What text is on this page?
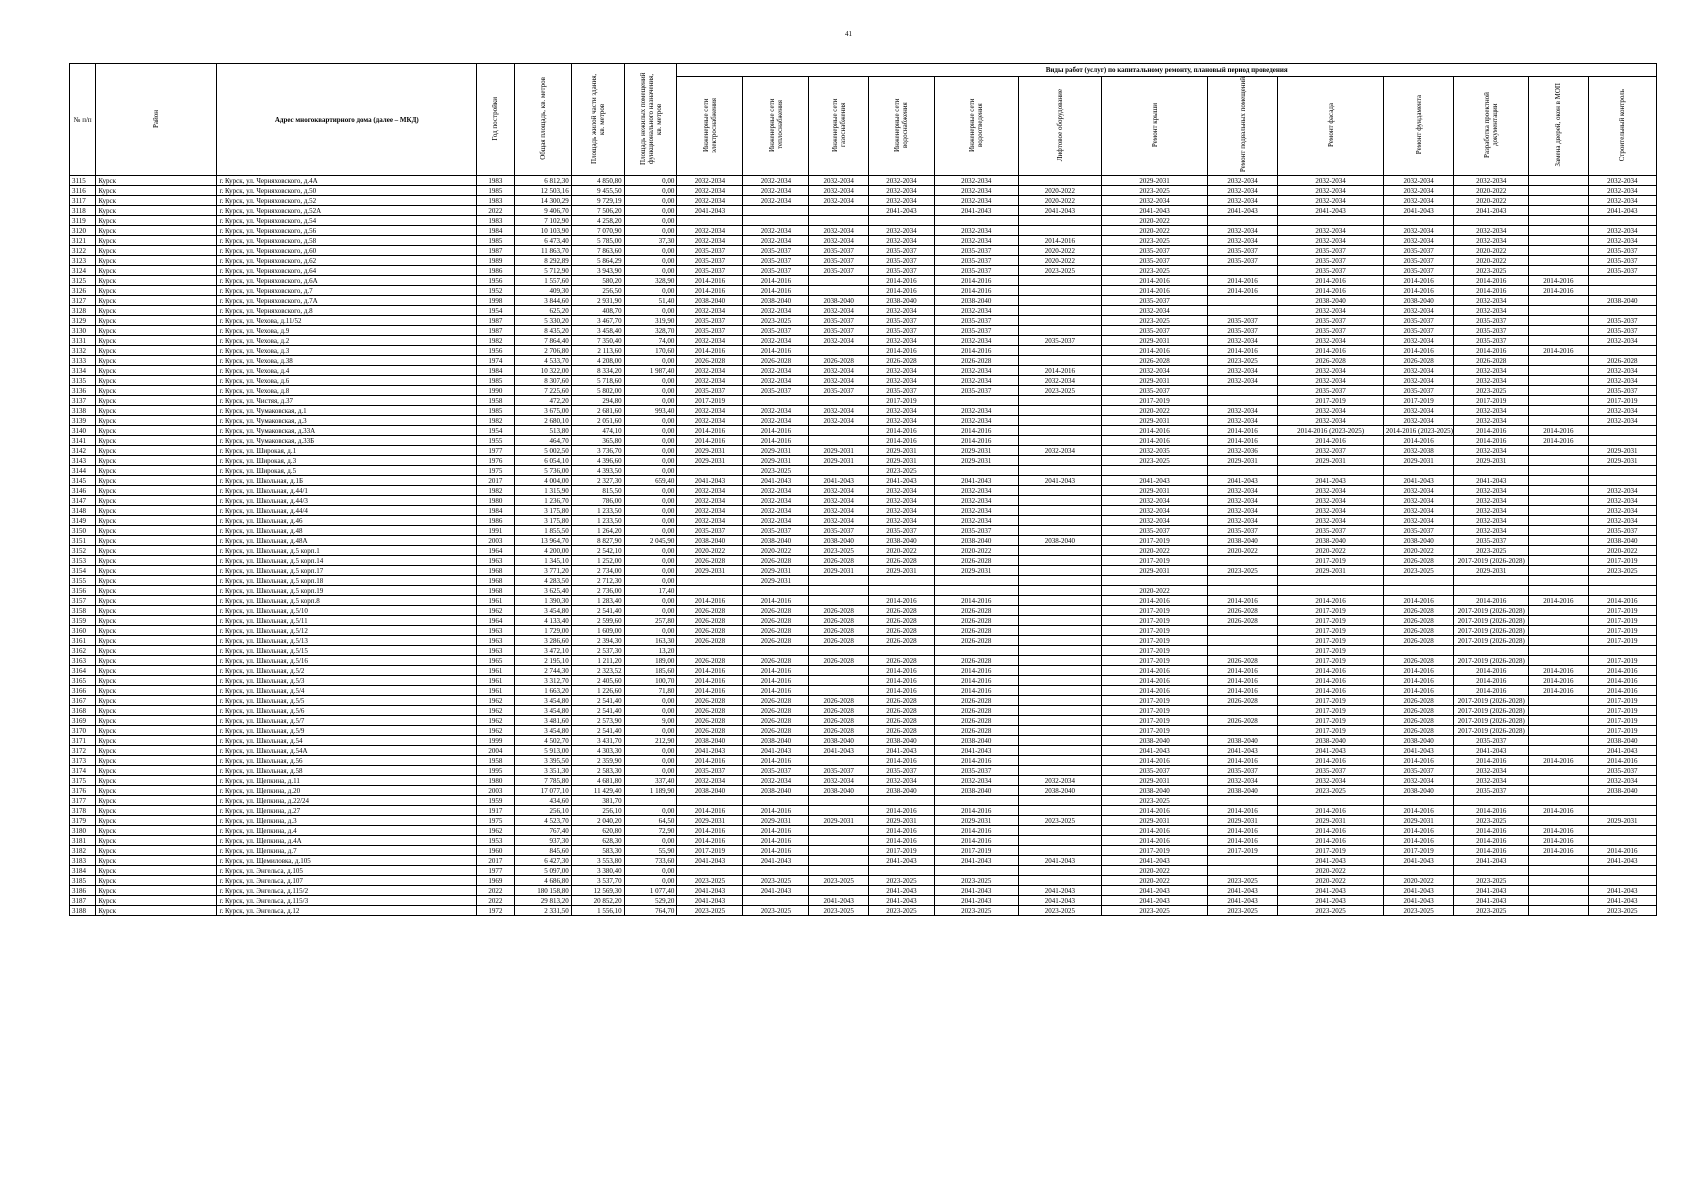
41
№ п/п	Район	Адрес многоквартирного дома (далее – МКД)	Год постройки	Общая площадь, кв. метров	Площадь жилой части здания, кв. метров	Площадь нежилых помещений функционального назначения, кв. метров	Виды работ (услуг) по капитальному ремонту, плановый период проведения												
							Инженерные сети электроснабжения	Инженерные сети теплоснабжения	Инженерные сети газоснабжения	Инженерные сети водоснабжения	Инженерные сети водоотведения	Лифтовое оборудование	Ремонт крыши	Ремонт подвальных помещений	Ремонт фасада	Ремонт фундамента	Разработка проектной документации	Замена дверей, окон в МОП	Строительный контроль
3115	Курск	г. Курск, ул. Черняховского, д.4А	1983	6 812,30	4 850,80	0,00	2032-2034	2032-2034	2032-2034	2032-2034	2032-2034		2029-2031	2032-2034	2032-2034	2032-2034	2032-2034		2032-2034
3116	Курск	г. Курск, ул. Черняховского, д.50	1985	12 503,16	9 455,50	0,00	2032-2034	2032-2034	2032-2034	2032-2034	2032-2034	2020-2022	2023-2025	2032-2034	2032-2034	2032-2034	2020-2022		2032-2034
3117	Курск	г. Курск, ул. Черняховского, д.52	1983	14 300,29	9 729,19	0,00	2032-2034	2032-2034	2032-2034	2032-2034	2032-2034	2020-2022	2032-2034	2032-2034	2032-2034	2032-2034	2020-2022		2032-2034
3118	Курск	г. Курск, ул. Черняховского, д.52А	2022	9 406,70	7 506,20	0,00	2041-2043			2041-2043	2041-2043	2041-2043	2041-2043	2041-2043	2041-2043	2041-2043	2041-2043		2041-2043
3119	Курск	г. Курск, ул. Черняховского, д.54	1983	7 102,90	4 258,20	0,00							2020-2022						
3120	Курск	г. Курск, ул. Черняховского, д.56	1984	10 103,90	7 070,90	0,00	2032-2034	2032-2034	2032-2034	2032-2034	2032-2034		2020-2022	2032-2034	2032-2034	2032-2034	2032-2034		2032-2034
3121	Курск	г. Курск, ул. Черняховского, д.58	1985	6 473,40	5 785,00	37,30	2032-2034	2032-2034	2032-2034	2032-2034	2032-2034	2014-2016	2023-2025	2032-2034	2032-2034	2032-2034	2032-2034		2032-2034
3122	Курск	г. Курск, ул. Черняховского, д.60	1987	11 863,70	7 863,60	0,00	2035-2037	2035-2037	2035-2037	2035-2037	2035-2037	2020-2022	2035-2037	2035-2037	2035-2037	2035-2037	2020-2022		2035-2037
3123	Курск	г. Курск, ул. Черняховского, д.62	1989	8 292,89	5 864,29	0,00	2035-2037	2035-2037	2035-2037	2035-2037	2035-2037	2020-2022	2035-2037	2035-2037	2035-2037	2035-2037	2020-2022		2035-2037
3124	Курск	г. Курск, ул. Черняховского, д.64	1986	5 712,90	3 943,90	0,00	2035-2037	2035-2037	2035-2037	2035-2037	2035-2037	2023-2025	2023-2025		2035-2037	2035-2037	2023-2025		2035-2037
3125	Курск	г. Курск, ул. Черняховского, д.6А	1956	1 557,60	580,20	328,90	2014-2016	2014-2016		2014-2016	2014-2016		2014-2016	2014-2016	2014-2016	2014-2016	2014-2016	2014-2016	
3126	Курск	г. Курск, ул. Черняховского, д.7	1952	409,30	256,50	0,00	2014-2016	2014-2016		2014-2016	2014-2016		2014-2016	2014-2016	2014-2016	2014-2016	2014-2016	2014-2016	
3127	Курск	г. Курск, ул. Черняховского, д.7А	1998	3 844,60	2 931,90	51,40	2038-2040	2038-2040	2038-2040	2038-2040	2038-2040		2035-2037		2038-2040	2038-2040	2032-2034		2038-2040
3128	Курск	г. Курск, ул. Черняховского, д.8	1954	625,20	408,70	0,00	2032-2034	2032-2034	2032-2034	2032-2034	2032-2034		2032-2034		2032-2034	2032-2034	2032-2034		
3129	Курск	г. Курск, ул. Чехова, д.11/52	1987	5 330,20	3 467,70	319,90	2035-2037	2023-2025	2035-2037	2035-2037	2035-2037		2023-2025	2035-2037	2035-2037	2035-2037	2035-2037		2035-2037
3130	Курск	г. Курск, ул. Чехова, д.9	1987	8 435,20	3 458,40	328,70	2035-2037	2035-2037	2035-2037	2035-2037	2035-2037		2035-2037	2035-2037	2035-2037	2035-2037	2035-2037		2035-2037
3131	Курск	г. Курск, ул. Чехова, д.2	1982	7 864,40	7 350,40	74,00	2032-2034	2032-2034	2032-2034	2032-2034	2032-2034	2035-2037	2029-2031	2032-2034	2032-2034	2032-2034	2035-2037		2032-2034
3132	Курск	г. Курск, ул. Чехова, д.3	1956	2 706,80	2 113,60	170,60	2014-2016	2014-2016		2014-2016	2014-2016		2014-2016	2014-2016	2014-2016	2014-2016	2014-2016	2014-2016	
3133	Курск	г. Курск, ул. Чехова, д.38	1974	4 533,70	4 208,00	0,00	2026-2028	2026-2028	2026-2028	2026-2028	2026-2028		2026-2028	2023-2025	2026-2028	2026-2028	2026-2028		2026-2028
3134	Курск	г. Курск, ул. Чехова, д.4	1984	10 322,00	8 334,20	1 987,40	2032-2034	2032-2034	2032-2034	2032-2034	2032-2034	2014-2016	2032-2034	2032-2034	2032-2034	2032-2034	2032-2034		2032-2034
3135	Курск	г. Курск, ул. Чехова, д.6	1985	8 307,60	5 718,60	0,00	2032-2034	2032-2034	2032-2034	2032-2034	2032-2034	2032-2034	2029-2031	2032-2034	2032-2034	2032-2034	2032-2034		2032-2034
3136	Курск	г. Курск, ул. Чехова, д.8	1990	7 225,60	5 802,00	0,00	2035-2037	2035-2037	2035-2037	2035-2037	2035-2037	2023-2025	2035-2037		2035-2037	2035-2037	2023-2025		2035-2037
3137	Курск	г. Курск, ул. Чистяя, д.37	1958	472,20	294,80	0,00	2017-2019			2017-2019			2017-2019		2017-2019	2017-2019	2017-2019		2017-2019
3138	Курск	г. Курск, ул. Чумаковская, д.1	1985	3 675,00	2 681,60	993,40	2032-2034	2032-2034	2032-2034	2032-2034	2032-2034		2020-2022	2032-2034	2032-2034	2032-2034	2032-2034		2032-2034
3139	Курск	г. Курск, ул. Чумаковская, д.3	1982	2 680,10	2 051,60	0,00	2032-2034	2032-2034	2032-2034	2032-2034	2032-2034		2029-2031	2032-2034	2032-2034	2032-2034	2032-2034		2032-2034
3140	Курск	г. Курск, ул. Чумаковская, д.33А	1954	513,80	474,10	0,00	2014-2016	2014-2016		2014-2016	2014-2016		2014-2016	2014-2016	2014-2016 (2023-2025)	2014-2016 (2023-2025)	2014-2016	2014-2016	
3141	Курск	г. Курск, ул. Чумаковская, д.33Б	1955	464,70	365,80	0,00	2014-2016	2014-2016		2014-2016	2014-2016		2014-2016	2014-2016	2014-2016	2014-2016	2014-2016	2014-2016	
3142	Курск	г. Курск, ул. Широкая, д.1	1977	5 002,50	3 736,70	0,00	2029-2031	2029-2031	2029-2031	2029-2031	2029-2031	2032-2034	2032-2035	2032-2036	2032-2037	2032-2038	2032-2034		2029-2031
3143	Курск	г. Курск, ул. Широкая, д.3	1976	6 054,10	4 396,60	0,00	2029-2031	2029-2031	2029-2031	2029-2031	2029-2031		2023-2025	2029-2031	2029-2031	2029-2031	2029-2031		2029-2031
3144	Курск	г. Курск, ул. Широкая, д.5	1975	5 736,00	4 393,50	0,00		2023-2025		2023-2025									
3145	Курск	г. Курск, ул. Школьная, д.1Б	2017	4 004,00	2 327,30	659,40	2041-2043	2041-2043	2041-2043	2041-2043	2041-2043	2041-2043	2041-2043	2041-2043	2041-2043	2041-2043	2041-2043		
3146	Курск	г. Курск, ул. Школьная, д.44/1	1982	1 315,90	815,50	0,00	2032-2034	2032-2034	2032-2034	2032-2034	2032-2034		2029-2031	2032-2034	2032-2034	2032-2034	2032-2034		2032-2034
3147	Курск	г. Курск, ул. Школьная, д.44/3	1980	1 236,70	786,00	0,00	2032-2034	2032-2034	2032-2034	2032-2034	2032-2034		2032-2034	2032-2034	2032-2034	2032-2034	2032-2034		2032-2034
3148	Курск	г. Курск, ул. Школьная, д.44/4	1984	3 175,80	1 233,50	0,00	2032-2034	2032-2034	2032-2034	2032-2034	2032-2034		2032-2034	2032-2034	2032-2034	2032-2034	2032-2034		2032-2034
3149	Курск	г. Курск, ул. Школьная, д.46	1986	3 175,80	1 233,50	0,00	2032-2034	2032-2034	2032-2034	2032-2034	2032-2034		2032-2034	2032-2034	2032-2034	2032-2034	2032-2034		2032-2034
3150	Курск	г. Курск, ул. Школьная, д.48	1991	1 855,50	1 264,20	0,00	2035-2037	2035-2037	2035-2037	2035-2037	2035-2037		2035-2037	2035-2037	2035-2037	2035-2037	2032-2034		2035-2037
3151	Курск	г. Курск, ул. Школьная, д.48А	2003	13 964,70	8 827,90	2 045,90	2038-2040	2038-2040	2038-2040	2038-2040	2038-2040	2038-2040	2017-2019	2038-2040	2038-2040	2038-2040	2035-2037		2038-2040
3152	Курск	г. Курск, ул. Школьная, д.5 корп.1	1964	4 200,00	2 542,10	0,00	2020-2022	2020-2022	2023-2025	2020-2022	2020-2022		2020-2022	2020-2022	2020-2022	2020-2022	2023-2025		2020-2022
3153	Курск	г. Курск, ул. Школьная, д.5 корп.14	1963	1 345,10	1 252,00	0,00	2026-2028	2026-2028	2026-2028	2026-2028	2026-2028		2017-2019		2017-2019	2026-2028	2017-2019 (2026-2028)		2017-2019
3154	Курск	г. Курск, ул. Школьная, д.5 корп.17	1968	3 771,20	2 734,00	0,00	2029-2031	2029-2031	2029-2031	2029-2031	2029-2031		2029-2031	2023-2025	2029-2031	2023-2025	2029-2031		2023-2025
3155	Курск	г. Курск, ул. Школьная, д.5 корп.18	1968	4 283,50	2 712,30	0,00		2029-2031											
3156	Курск	г. Курск, ул. Школьная, д.5 корп.19	1968	3 625,40	2 736,00	17,40							2020-2022						
3157	Курск	г. Курск, ул. Школьная, д.5 корп.8	1961	1 390,30	1 283,40	0,00	2014-2016	2014-2016		2014-2016	2014-2016		2014-2016	2014-2016	2014-2016	2014-2016	2014-2016	2014-2016	2014-2016
3158	Курск	г. Курск, ул. Школьная, д.5/10	1962	3 454,80	2 541,40	0,00	2026-2028	2026-2028	2026-2028	2026-2028	2026-2028		2017-2019	2026-2028	2017-2019	2026-2028	2017-2019 (2026-2028)		2017-2019
3159	Курск	г. Курск, ул. Школьная, д.5/11	1964	4 133,40	2 599,60	257,80	2026-2028	2026-2028	2026-2028	2026-2028	2026-2028		2017-2019	2026-2028	2017-2019	2026-2028	2017-2019 (2026-2028)		2017-2019
3160	Курск	г. Курск, ул. Школьная, д.5/12	1963	1 729,00	1 609,00	0,00	2026-2028	2026-2028	2026-2028	2026-2028	2026-2028		2017-2019		2017-2019	2026-2028	2017-2019 (2026-2028)		2017-2019
3161	Курск	г. Курск, ул. Школьная, д.5/13	1963	3 286,60	2 394,30	163,30	2026-2028	2026-2028	2026-2028	2026-2028	2026-2028		2017-2019		2017-2019	2026-2028	2017-2019 (2026-2028)		2017-2019
3162	Курск	г. Курск, ул. Школьная, д.5/15	1963	3 472,10	2 537,30	13,20							2017-2019		2017-2019				
3163	Курск	г. Курск, ул. Школьная, д.5/16	1965	2 195,10	1 211,20	189,00	2026-2028	2026-2028	2026-2028	2026-2028	2026-2028		2017-2019	2026-2028	2017-2019	2026-2028	2017-2019 (2026-2028)		2017-2019
3164	Курск	г. Курск, ул. Школьная, д.5/2	1961	2 744,30	2 323,52	185,60	2014-2016	2014-2016		2014-2016	2014-2016		2014-2016	2014-2016	2014-2016	2014-2016	2014-2016	2014-2016	2014-2016
3165	Курск	г. Курск, ул. Школьная, д.5/3	1961	3 312,70	2 405,60	100,70	2014-2016	2014-2016		2014-2016	2014-2016		2014-2016	2014-2016	2014-2016	2014-2016	2014-2016	2014-2016	2014-2016
3166	Курск	г. Курск, ул. Школьная, д.5/4	1961	1 663,20	1 226,60	71,80	2014-2016	2014-2016		2014-2016	2014-2016		2014-2016	2014-2016	2014-2016	2014-2016	2014-2016	2014-2016	2014-2016
3167	Курск	г. Курск, ул. Школьная, д.5/5	1962	3 454,80	2 541,40	0,00	2026-2028	2026-2028	2026-2028	2026-2028	2026-2028		2017-2019	2026-2028	2017-2019	2026-2028	2017-2019 (2026-2028)		2017-2019
3168	Курск	г. Курск, ул. Школьная, д.5/6	1962	3 454,80	2 541,40	0,00	2026-2028	2026-2028	2026-2028	2026-2028	2026-2028		2017-2019		2017-2019	2026-2028	2017-2019 (2026-2028)		2017-2019
3169	Курск	г. Курск, ул. Школьная, д.5/7	1962	3 481,60	2 573,90	9,00	2026-2028	2026-2028	2026-2028	2026-2028	2026-2028		2017-2019	2026-2028	2017-2019	2026-2028	2017-2019 (2026-2028)		2017-2019
3170	Курск	г. Курск, ул. Школьная, д.5/9	1962	3 454,80	2 541,40	0,00	2026-2028	2026-2028	2026-2028	2026-2028	2026-2028		2017-2019		2017-2019	2026-2028	2017-2019 (2026-2028)		2017-2019
3171	Курск	г. Курск, ул. Школьная, д.54	1999	4 502,70	3 431,70	212,90	2038-2040	2038-2040	2038-2040	2038-2040	2038-2040		2038-2040	2038-2040	2038-2040	2038-2040	2035-2037		2038-2040
3172	Курск	г. Курск, ул. Школьная, д.54А	2004	5 913,00	4 303,30	0,00	2041-2043	2041-2043	2041-2043	2041-2043	2041-2043		2041-2043	2041-2043	2041-2043	2041-2043	2041-2043		2041-2043
3173	Курск	г. Курск, ул. Школьная, д.56	1958	3 395,50	2 359,90	0,00	2014-2016	2014-2016		2014-2016	2014-2016		2014-2016	2014-2016	2014-2016	2014-2016	2014-2016	2014-2016	2014-2016
3174	Курск	г. Курск, ул. Школьная, д.58	1995	3 351,30	2 583,30	0,00	2035-2037	2035-2037	2035-2037	2035-2037	2035-2037		2035-2037	2035-2037	2035-2037	2035-2037	2032-2034		2035-2037
3175	Курск	г. Курск, ул. Щепкина, д.11	1980	7 785,80	4 681,80	337,40	2032-2034	2032-2034	2032-2034	2032-2034	2032-2034	2032-2034	2029-2031	2032-2034	2032-2034	2032-2034	2032-2034		2032-2034
3176	Курск	г. Курск, ул. Щепкина, д.20	2003	17 077,10	11 429,40	1 189,90	2038-2040	2038-2040	2038-2040	2038-2040	2038-2040	2038-2040	2038-2040	2038-2040	2023-2025	2038-2040	2035-2037		2038-2040
3177	Курск	г. Курск, ул. Щепкина, д.22/24	1959	434,60	381,70								2023-2025						
3178	Курск	г. Курск, ул. Щепкина, д.27	1917	256,10	256,10	0,00	2014-2016	2014-2016		2014-2016	2014-2016		2014-2016	2014-2016	2014-2016	2014-2016	2014-2016	2014-2016	
3179	Курск	г. Курск, ул. Щепкина, д.3	1975	4 523,70	2 040,20	64,50	2029-2031	2029-2031	2029-2031	2029-2031	2029-2031	2023-2025	2029-2031	2029-2031	2029-2031	2029-2031	2023-2025		2029-2031
3180	Курск	г. Курск, ул. Щепкина, д.4	1962	767,40	620,80	72,90	2014-2016	2014-2016		2014-2016	2014-2016		2014-2016	2014-2016	2014-2016	2014-2016	2014-2016	2014-2016	
3181	Курск	г. Курск, ул. Щепкина, д.4А	1953	937,30	628,30	0,00	2014-2016	2014-2016		2014-2016	2014-2016		2014-2016	2014-2016	2014-2016	2014-2016	2014-2016	2014-2016	
3182	Курск	г. Курск, ул. Щепкина, д.7	1960	845,60	583,30	55,90	2017-2019	2014-2016		2017-2019	2017-2019		2017-2019	2017-2019	2017-2019	2017-2019	2014-2016	2014-2016	2014-2016
3183	Курск	г. Курск, ул. Щемиловка, д.105	2017	6 427,30	3 553,80	733,60	2041-2043	2041-2043		2041-2043	2041-2043	2041-2043	2041-2043		2041-2043	2041-2043	2041-2043		2041-2043
3184	Курск	г. Курск, ул. Энгельса, д.105	1977	5 097,00	3 380,40	0,00							2020-2022		2020-2022				
3185	Курск	г. Курск, ул. Энгельса, д.107	1969	4 686,80	3 537,70	0,00	2023-2025	2023-2025	2023-2025	2023-2025	2023-2025		2020-2022	2023-2025	2020-2022	2020-2022	2023-2025		
3186	Курск	г. Курск, ул. Энгельса, д.115/2	2022	180 158,80	12 569,30	1 077,40	2041-2043	2041-2043		2041-2043	2041-2043	2041-2043	2041-2043	2041-2043	2041-2043	2041-2043	2041-2043		2041-2043
3187	Курск	г. Курск, ул. Энгельса, д.115/3	2022	29 813,20	20 852,20	529,20	2041-2043		2041-2043	2041-2043	2041-2043	2041-2043	2041-2043	2041-2043	2041-2043	2041-2043	2041-2043		2041-2043
3188	Курск	г. Курск, ул. Энгельса, д.12	1972	2 331,50	1 556,10	764,70	2023-2025	2023-2025	2023-2025	2023-2025	2023-2025	2023-2025	2023-2025	2023-2025	2023-2025	2023-2025	2023-2025		2023-2025
